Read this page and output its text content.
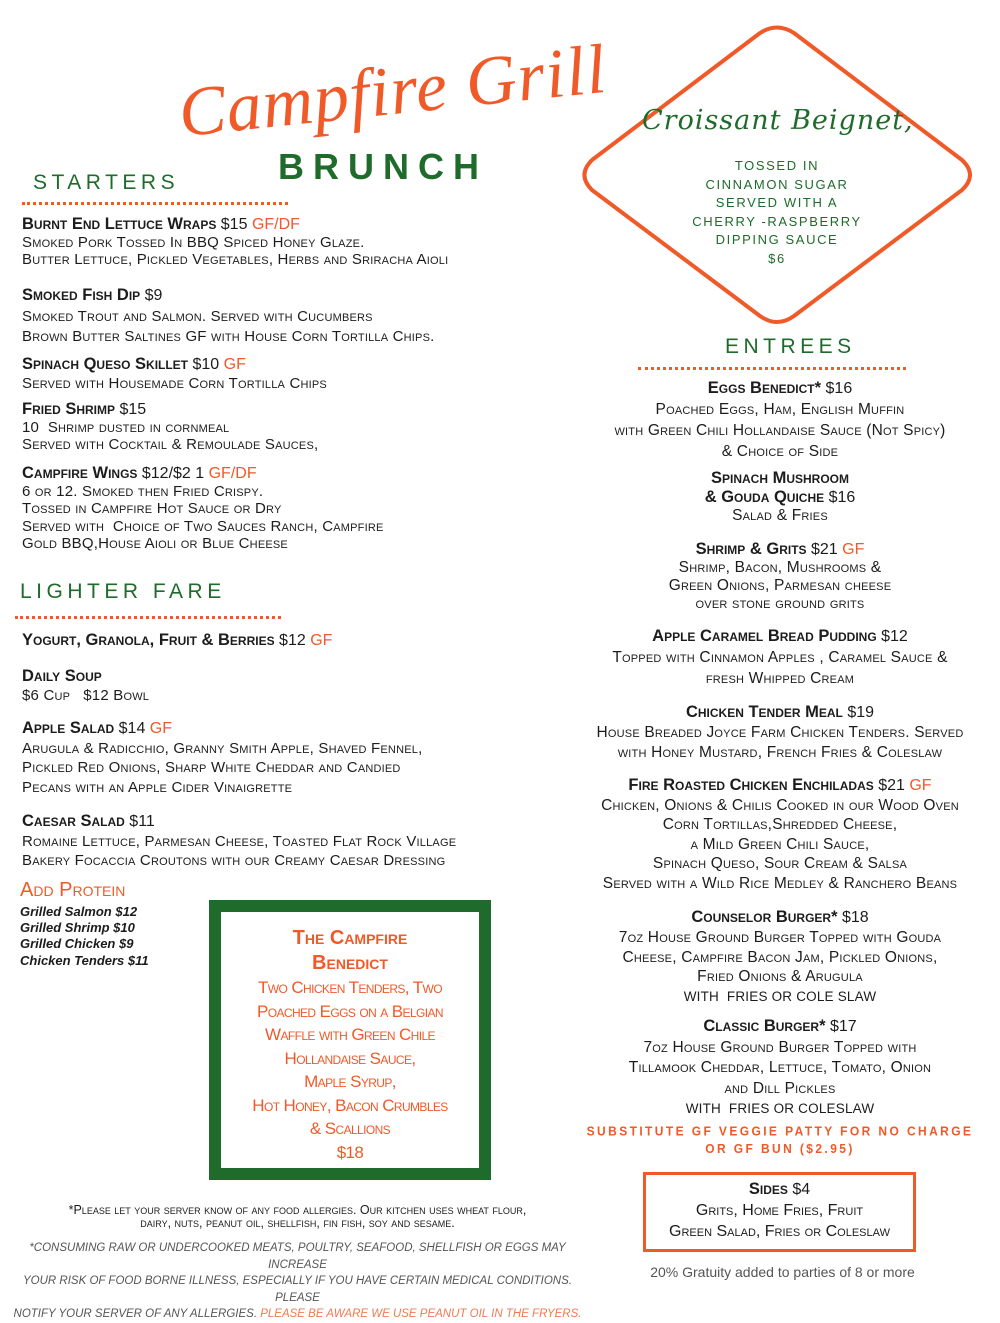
Campfire Grill
BRUNCH
STARTERS
Burnt End Lettuce Wraps $15 GF/DF
Smoked Pork Tossed In BBQ Spiced Honey Glaze.
Butter Lettuce, Pickled Vegetables, Herbs and Sriracha Aioli
Smoked Fish Dip $9
Smoked Trout and Salmon. Served with Cucumbers
Brown Butter Saltines GF with House Corn Tortilla Chips.
Spinach Queso Skillet $10 GF
Served with Housemade Corn Tortilla Chips
Fried Shrimp $15
10  Shrimp dusted in cornmeal
Served with Cocktail & Remoulade Sauces,
Campfire Wings $12/$2 1 GF/DF
6 or 12. Smoked then Fried Crispy.
Tossed in Campfire Hot Sauce or Dry
Served with  Choice of Two Sauces Ranch, Campfire
Gold BBQ,House Aioli or Blue Cheese
LIGHTER FARE
Yogurt, Granola, Fruit & Berries $12 GF
Daily Soup
$6 Cup   $12 Bowl
Apple Salad $14 GF
Arugula & Radicchio, Granny Smith Apple, Shaved Fennel,
Pickled Red Onions, Sharp White Cheddar and Candied
Pecans with an Apple Cider Vinaigrette
Caesar Salad $11
Romaine Lettuce, Parmesan Cheese, Toasted Flat Rock Village
Bakery Focaccia Croutons with our Creamy Caesar Dressing
Add Protein
Grilled Salmon $12
Grilled Shrimp $10
Grilled Chicken $9
Chicken Tenders $11
The Campfire
Benedict
Two Chicken Tenders, Two
Poached Eggs on a Belgian
Waffle with Green Chile
Hollandaise Sauce,
Maple Syrup,
Hot Honey, Bacon Crumbles
& Scallions
$18
Croissant Beignet,
TOSSED IN
CINNAMON SUGAR
SERVED WITH A
CHERRY -RASPBERRY
DIPPING SAUCE
$6
ENTREES
Eggs Benedict* $16
Poached Eggs, Ham, English Muffin
with Green Chili Hollandaise Sauce (Not Spicy)
& Choice of Side
Spinach Mushroom
& Gouda Quiche $16
Salad & Fries
Shrimp & Grits $21 GF
Shrimp, Bacon, Mushrooms &
Green Onions, Parmesan cheese
over stone ground grits
Apple Caramel Bread Pudding $12
Topped with Cinnamon Apples , Caramel Sauce &
fresh Whipped Cream
Chicken Tender Meal $19
House Breaded Joyce Farm Chicken Tenders. Served
with Honey Mustard, French Fries & Coleslaw
Fire Roasted Chicken Enchiladas $21 GF
Chicken, Onions & Chilis Cooked in our Wood Oven
Corn Tortillas,Shredded Cheese,
a Mild Green Chili Sauce,
Spinach Queso, Sour Cream & Salsa
Served with a Wild Rice Medley & Ranchero Beans
Counselor Burger* $18
7oz House Ground Burger Topped with Gouda
Cheese, Campfire Bacon Jam, Pickled Onions,
Fried Onions & Arugula
WITH  FRIES OR COLE SLAW
Classic Burger* $17
7oz House Ground Burger Topped with
Tillamook Cheddar, Lettuce, Tomato, Onion
and Dill Pickles
WITH  FRIES OR COLESLAW
SUBSTITUTE GF VEGGIE PATTY FOR NO CHARGE
OR GF BUN ($2.95)
Sides $4
Grits, Home Fries, Fruit
Green Salad, Fries or Coleslaw
20% Gratuity added to parties of 8 or more
*Please let your server know of any food allergies. Our kitchen uses wheat flour,
dairy, nuts, peanut oil, shellfish, fin fish, soy and sesame.
*CONSUMING RAW OR UNDERCOOKED MEATS, POULTRY, SEAFOOD, SHELLFISH OR EGGS MAY INCREASE
YOUR RISK OF FOOD BORNE ILLNESS, ESPECIALLY IF YOU HAVE CERTAIN MEDICAL CONDITIONS. PLEASE
NOTIFY YOUR SERVER OF ANY ALLERGIES. PLEASE BE AWARE WE USE PEANUT OIL IN THE FRYERS.
